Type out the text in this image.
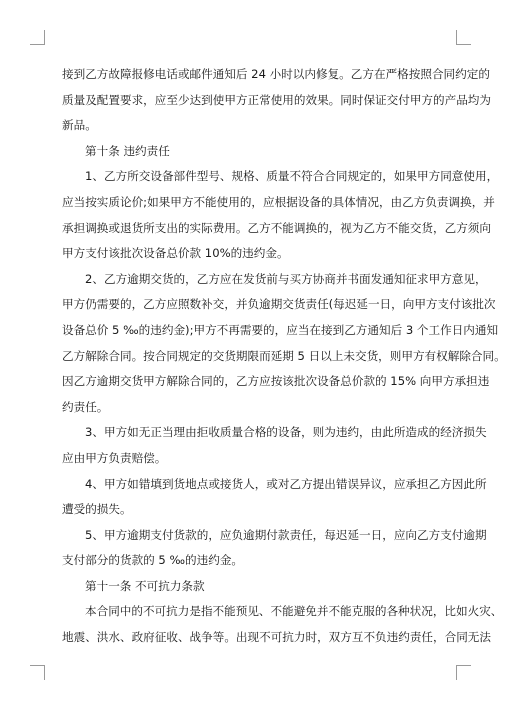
接到乙方故障报修电话或邮件通知后 24 小时以内修复。乙方在严格按照合同约定的
质量及配置要求，应至少达到使甲方正常使用的效果。同时保证交付甲方的产品均为
新品。
第十条 违约责任
1、乙方所交设备部件型号、规格、质量不符合合同规定的，如果甲方同意使用，
应当按实质论价;如果甲方不能使用的，应根据设备的具体情况，由乙方负责调换，并
承担调换或退货所支出的实际费用。乙方不能调换的，视为乙方不能交货，乙方须向
甲方支付该批次设备总价款 10%的违约金。
2、乙方逾期交货的，乙方应在发货前与买方协商并书面发通知征求甲方意见，
甲方仍需要的，乙方应照数补交，并负逾期交货责任(每迟延一日，向甲方支付该批次
设备总价 5 ‰的违约金);甲方不再需要的，应当在接到乙方通知后 3 个工作日内通知
乙方解除合同。按合同规定的交货期限而延期 5 日以上未交货，则甲方有权解除合同。
因乙方逾期交货甲方解除合同的，乙方应按该批次设备总价款的 15% 向甲方承担违
约责任。
3、甲方如无正当理由拒收质量合格的设备，则为违约，由此所造成的经济损失
应由甲方负责赔偿。
4、甲方如错填到货地点或接货人，或对乙方提出错误异议，应承担乙方因此所
遭受的损失。
5、甲方逾期支付货款的，应负逾期付款责任，每迟延一日，应向乙方支付逾期
支付部分的货款的 5 ‰的违约金。
第十一条 不可抗力条款
本合同中的不可抗力是指不能预见、不能避免并不能克服的各种状况，比如火灾、
地震、洪水、政府征收、战争等。出现不可抗力时，双方互不负违约责任，合同无法
